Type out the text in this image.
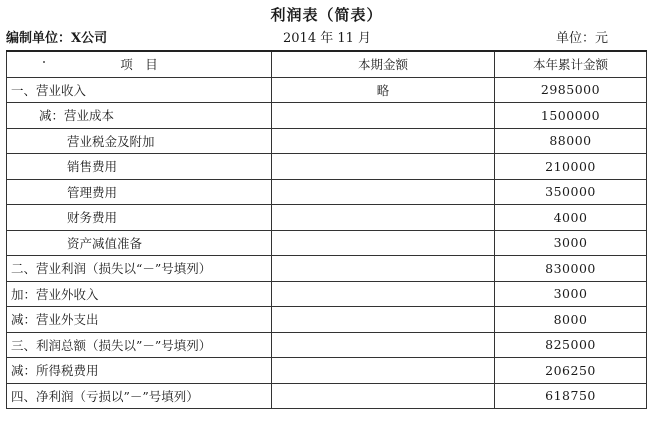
利润表（简表）
编制单位：X公司	2014 年 11 月	单位：元
项　目	本期金额	本年累计金额
一、营业收入	略	2985000
减：营业成本		1500000
营业税金及附加		88000
销售费用		210000
管理费用		350000
财务费用		4000
资产减值准备		3000
二、营业利润（损失以“－”号填列）		830000
加：营业外收入		3000
减：营业外支出		8000
三、利润总额（损失以”－”号填列）		825000
减：所得税费用		206250
四、净利润（亏损以”－”号填列）		618750
